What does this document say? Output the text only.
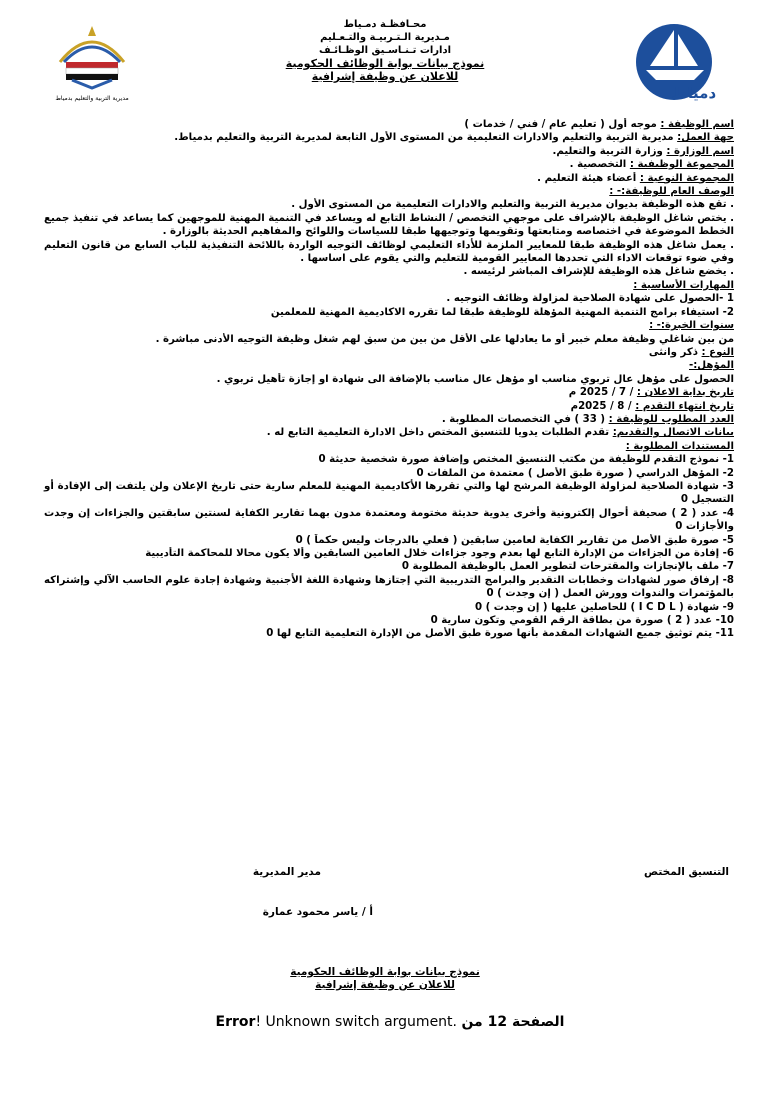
دمياط
محـافظـة دمـياط
مـديرية الـتـربيـة والتـعـليم
ادارات تـنـاسـيق الوظـائـف
نموذج بيانات بوابة الوظائف الحكومية
للاعلان عن وظيفة إشرافية
مديرية التربية والتعليم بدمياط
اسم الوظيفة : موجه أول ( تعليم عام / فني / خدمات )
جهة العمل: مديرية التربية والتعليم والادارات التعليمية من المستوى الأول التابعة لمديرية التربية والتعليم بدمياط.
اسم الوزارة : وزارة التربية والتعليم.
المجموعة الوظيفية : التخصصية .
المجموعة النوعية : أعضاء هيئة التعليم .
الوصف العام للوظيفة:- :
. تقع هذه الوظيفة بديوان مديرية التربية والتعليم والادارات التعليمية من المستوى الأول .
. يختص شاغل الوظيفة بالإشراف على موجهي التخصص / النشاط التابع له ويساعد في التنمية المهنية للموجهين كما يساعد في تنفيذ جميع الخطط الموضوعة في اختصاصه ومتابعتها وتقويمها وتوجيهها طبقا للسياسات واللوائح والمفاهيم الحديثة بالوزارة .
. يعمل شاغل هذه الوظيفة طبقا للمعايير الملزمة للأداء التعليمي لوظائف التوجيه الواردة باللائحة التنفيذية للباب السابع من قانون التعليم وفي ضوء توقعات الاداء التي تحددها المعايير القومية للتعليم والتي يقوم على اساسها .
. يخضع شاغل هذه الوظيفة للإشراف المباشر لرئيسه .
المهارات الأساسية :
1 -الحصول على شهادة الصلاحية لمزاولة وظائف التوجيه .
2- استيفاء برامج التنمية المهنية المؤهلة للوظيفة طبقا لما تقرره الاكاديمية المهنية للمعلمين
سنوات الخبرة:- :
من بين شاغلي وظيفة معلم خبير أو ما يعادلها على الأقل من بين من سبق لهم شغل وظيفة التوجيه الأدنى مباشرة .
النوع : ذكر وانثى
المؤهل:-
الحصول على مؤهل عال تربوي مناسب او مؤهل عال مناسب بالإضافة الى شهادة او إجازة تأهيل تربوي .
تاريخ بداية الاعلان : / 7 / 2025 م
تاريخ انتهاء التقدم : / 8 / 2025م
العدد المطلوب للوظيفة : ( 33 ) في التخصصات المطلوبة .
بيانات الاتصال والتقديم: تقدم الطلبات يدويا للتنسيق المختص داخل الادارة التعليمية التابع له .
المستندات المطلوبة :
1- نموذج التقدم للوظيفة من مكتب التنسيق المختص وإضافة صورة شخصية حديثة 0
2- المؤهل الدراسي ( صورة طبق الأصل ) معتمدة من الملفات 0
3- شهادة الصلاحية لمزاولة الوظيفة المرشح لها والتي تقررها الأكاديمية المهنية للمعلم سارية حتى تاريخ الإعلان ولن يلتفت إلى الإفادة أو التسجيل 0
4- عدد ( 2 ) صحيفة أحوال إلكترونية وأخرى يدوية حديثة مختومة ومعتمدة مدون بهما تقارير الكفاية لسنتين سابقتين والجزاءات إن وجدت والأجازات 0
5- صورة طبق الأصل من تقارير الكفاية لعامين سابقين ( فعلي بالدرجات وليس حكماً ) 0
6- إفادة من الجزاءات من الإدارة التابع لها بعدم وجود جزاءات خلال العامين السابقين وألا يكون محالا للمحاكمة التأديبية
7- ملف بالإنجازات والمقترحات لتطوير العمل بالوظيفة المطلوبة 0
8- إرفاق صور لشهادات وخطابات التقدير والبرامج التدريبية التي إجتازها وشهادة اللغة الأجنبية وشهادة إجادة علوم الحاسب الآلي وإشتراكه بالمؤتمرات والندوات وورش العمل ( إن وجدت ) 0
9- شهادة ( I C D L ) للحاصلين عليها ( إن وجدت ) 0
10- عدد ( 2 ) صورة من بطاقة الرقم القومي وتكون سارية 0
11- يتم توثيق جميع الشهادات المقدمة بأنها صورة طبق الأصل من الإدارة التعليمية التابع لها 0
التنسيق المختص
مدير المديرية
أ / ياسر محمود عمارة
نموذج بيانات بوابة الوظائف الحكومية
للاعلان عن وظيفة إشرافية
الصفحة 12 من Error! Unknown switch argument.
